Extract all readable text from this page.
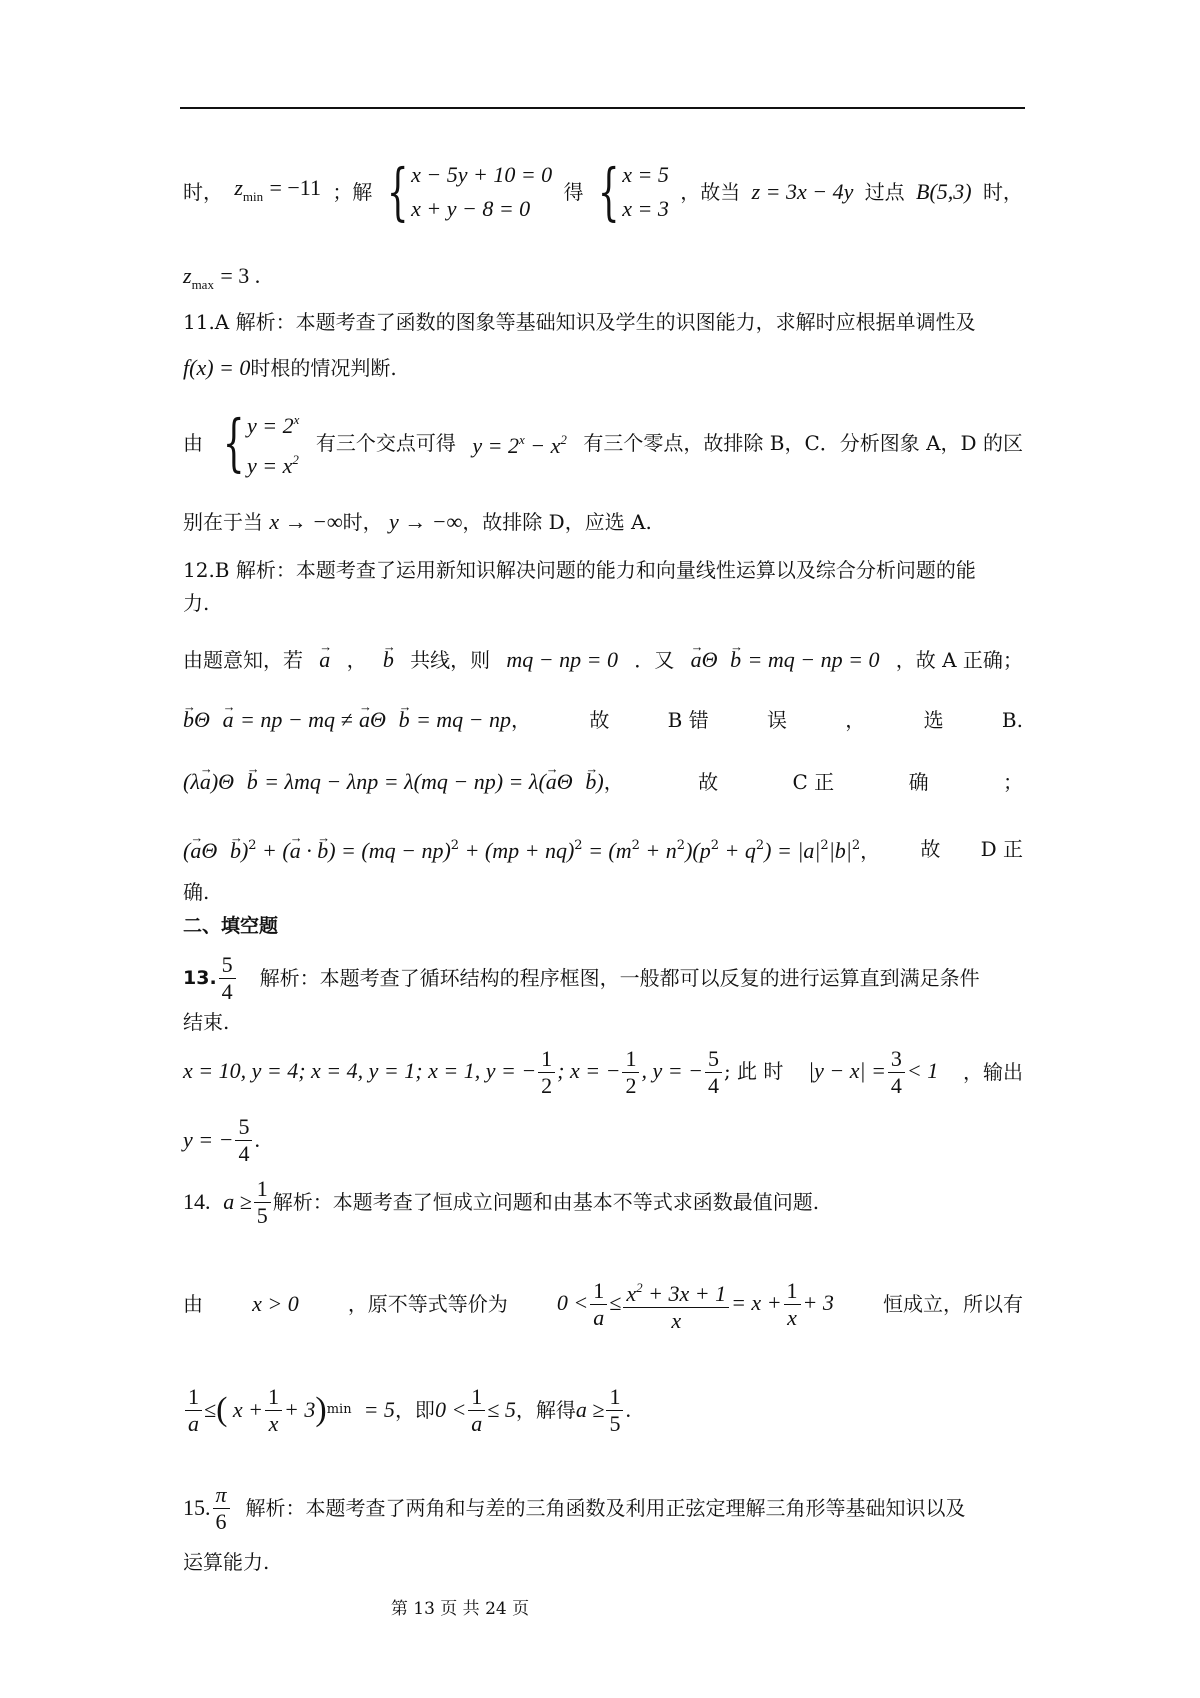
时， $z_{min} = -11$ ；解 { x − 5y + 10 = 0
x + y − 8 = 0
得 { x = 5
x = 3
，故当 z = 3x − 4y 过点 B(5,3) 时，
$z_{max} = 3$ .
11.A 解析：本题考查了函数的图象等基础知识及学生的识图能力，求解时应根据单调性及
f(x) = 0时根的情况判断.
由 { $y = 2^x$
$y = x^2$
有三个交点可得 $y = 2^x - x^2$ 有三个零点，故排除 B，C．分析图象 A，D 的区
别在于当 x → −∞时， y → −∞，故排除 D，应选 A.
12.B 解析：本题考查了运用新知识解决问题的能力和向量线性运算以及综合分析问题的能
力.
由题意知，若 → a ， → b 共线，则 mq − np = 0 ．又 → aΘ → b = mq − np = 0 ，故 A 正确；
→ bΘ → a = np − mq ≠ → aΘ → b = mq − np，	故	B 错	误	，	选	B.
(λ→ a)Θ → b = λmq − λnp = λ(mq − np) = λ(→ aΘ → b)，	故	C 正	确	；
(→ aΘ → b)$^2$ + (→ a · → $b) = (mq - np)^2 + (mp + nq)^2 = (m^2 + n^2)(p^2 + q^2) = |a|^2|b|^2$， 故 D 正
确.
二、填空题
13. $\frac{5}{4}$ 解析：本题考查了循环结构的程序框图，一般都可以反复的进行运算直到满足条件
结束.
x = 10, y = 4; x = 4, y = 1; x = 1, y = − $\frac{1}{2}$ ; x = − $\frac{1}{2}$ , y = − $\frac{5}{4}$ ; 此 时 $|y - x| = \frac{3}{4} < 1$ ，输出
y = − $\frac{5}{4}$ .
14.
$a \ge \frac{1}{5}$ 解析：本题考查了恒成立问题和由基本不等式求函数最值问题.
由 x > 0 ，原不等式等价为 $0 < \frac{1}{a} \le \frac{x^2 + 3x + 1}{x} = x + \frac{1}{x} + 3$ 恒成立，所以有
$\frac{1}{a}$ ≤ ( $x + \frac{1}{x} + 3$ ) min = 5 ，即 $0 < \frac{1}{a} \le 5$ ，解得 $a \ge \frac{1}{5}$ .
15. $\frac{\pi}{6}$ 解析：本题考查了两角和与差的三角函数及利用正弦定理解三角形等基础知识以及
运算能力.
第 13 页 共 24 页
